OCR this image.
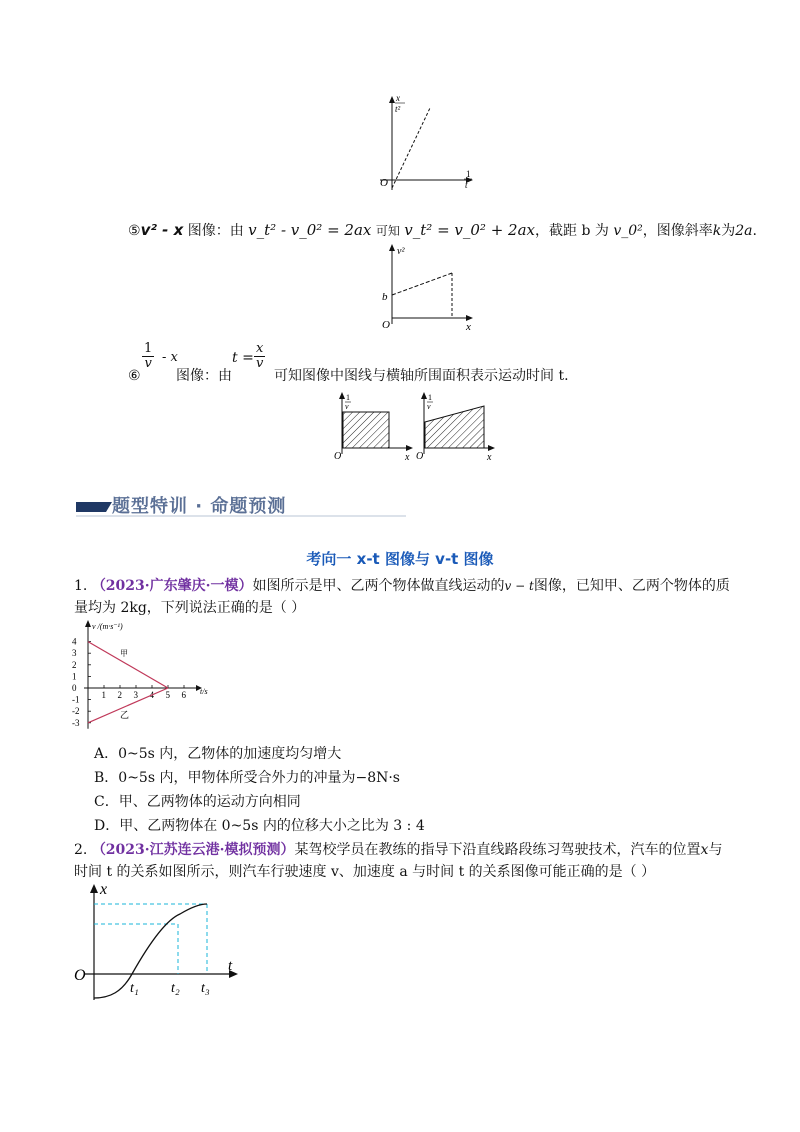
x
t²
1
t
O
⑤v² - x 图像：由 v_t² - v_0² = 2ax 可知 v_t² = v_0² + 2ax，截距 b 为 v_0²，图像斜率k为2a.
v²
b
O	x
⑥
$\frac{1}{v}$ - x
图像：由
$t = \frac{x}{v}$
可知图像中图线与横轴所围面积表示运动时间 t.
1
v
O	x
1
v
O	x
题型特训 · 命题预测
考向一 x-t 图像与 v-t 图像
1. （2023·广东肇庆·一模）如图所示是甲、乙两个物体做直线运动的v − t图像，已知甲、乙两个物体的质
量均为 2kg，下列说法正确的是（ ）
4
3
2
1
0
-1
-2
-3
1 2 3 4 5 6
v /(m·s⁻¹)
t/s
甲
乙
A．0~5s 内，乙物体的加速度均匀增大
B．0~5s 内，甲物体所受合外力的冲量为−8N·s
C．甲、乙两物体的运动方向相同
D．甲、乙两物体在 0~5s 内的位移大小之比为 3 : 4
2. （2023·江苏连云港·模拟预测）某驾校学员在教练的指导下沿直线路段练习驾驶技术，汽车的位置x与
时间 t 的关系如图所示，则汽车行驶速度 v、加速度 a 与时间 t 的关系图像可能正确的是（ ）
x
O
t
t₁ t₂ t₃
